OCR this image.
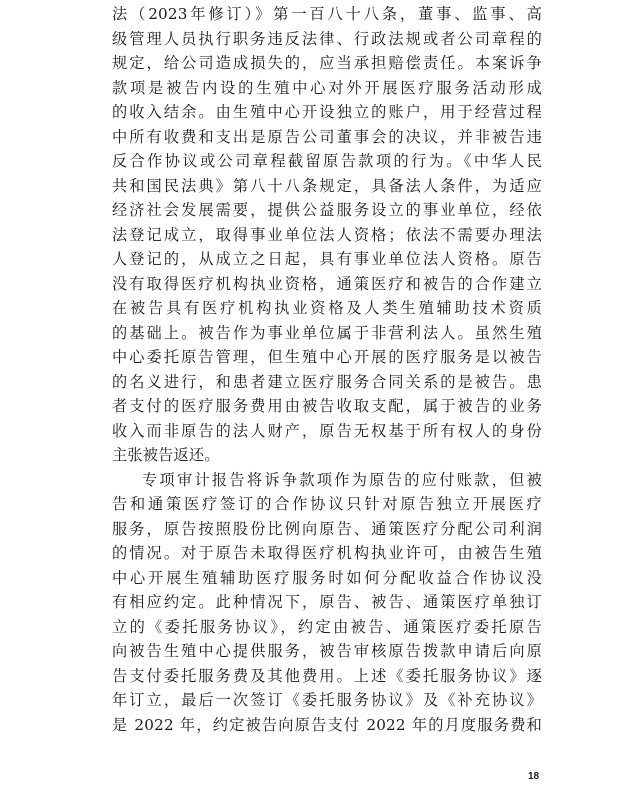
法（2023年修订）》第一百八十八条，董事、监事、高
级管理人员执行职务违反法律、行政法规或者公司章程的
规定，给公司造成损失的，应当承担赔偿责任。本案诉争
款项是被告内设的生殖中心对外开展医疗服务活动形成
的收入结余。由生殖中心开设独立的账户，用于经营过程
中所有收费和支出是原告公司董事会的决议，并非被告违
反合作协议或公司章程截留原告款项的行为。《中华人民
共和国民法典》第八十八条规定，具备法人条件，为适应
经济社会发展需要，提供公益服务设立的事业单位，经依
法登记成立，取得事业单位法人资格；依法不需要办理法
人登记的，从成立之日起，具有事业单位法人资格。原告
没有取得医疗机构执业资格，通策医疗和被告的合作建立
在被告具有医疗机构执业资格及人类生殖辅助技术资质
的基础上。被告作为事业单位属于非营利法人。虽然生殖
中心委托原告管理，但生殖中心开展的医疗服务是以被告
的名义进行，和患者建立医疗服务合同关系的是被告。患
者支付的医疗服务费用由被告收取支配，属于被告的业务
收入而非原告的法人财产，原告无权基于所有权人的身份
主张被告返还。
专项审计报告将诉争款项作为原告的应付账款，但被
告和通策医疗签订的合作协议只针对原告独立开展医疗
服务，原告按照股份比例向原告、通策医疗分配公司利润
的情况。对于原告未取得医疗机构执业许可，由被告生殖
中心开展生殖辅助医疗服务时如何分配收益合作协议没
有相应约定。此种情况下，原告、被告、通策医疗单独订
立的《委托服务协议》，约定由被告、通策医疗委托原告
向被告生殖中心提供服务，被告审核原告拨款申请后向原
告支付委托服务费及其他费用。上述《委托服务协议》逐
年订立，最后一次签订《委托服务协议》及《补充协议》
是 2022 年，约定被告向原告支付 2022 年的月度服务费和
18
